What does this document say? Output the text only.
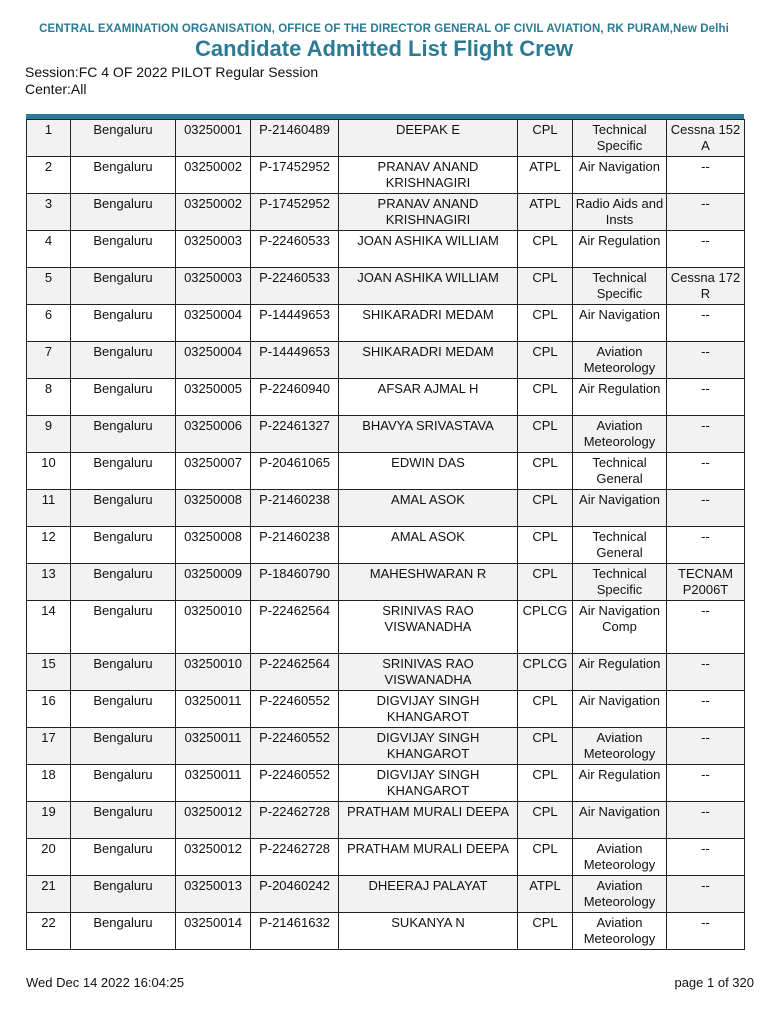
CENTRAL EXAMINATION ORGANISATION, OFFICE OF THE DIRECTOR GENERAL OF CIVIL AVIATION, RK PURAM,New Delhi
Candidate Admitted List Flight Crew
Session:FC 4 OF 2022 PILOT Regular Session
Center:All
1	Bengaluru	03250001	P-21460489	DEEPAK E	CPL	Technical Specific	Cessna 152 A
2	Bengaluru	03250002	P-17452952	PRANAV ANAND KRISHNAGIRI	ATPL	Air Navigation	--
3	Bengaluru	03250002	P-17452952	PRANAV ANAND KRISHNAGIRI	ATPL	Radio Aids and Insts	--
4	Bengaluru	03250003	P-22460533	JOAN ASHIKA WILLIAM	CPL	Air Regulation	--
5	Bengaluru	03250003	P-22460533	JOAN ASHIKA WILLIAM	CPL	Technical Specific	Cessna 172 R
6	Bengaluru	03250004	P-14449653	SHIKARADRI MEDAM	CPL	Air Navigation	--
7	Bengaluru	03250004	P-14449653	SHIKARADRI MEDAM	CPL	Aviation Meteorology	--
8	Bengaluru	03250005	P-22460940	AFSAR AJMAL H	CPL	Air Regulation	--
9	Bengaluru	03250006	P-22461327	BHAVYA SRIVASTAVA	CPL	Aviation Meteorology	--
10	Bengaluru	03250007	P-20461065	EDWIN DAS	CPL	Technical General	--
11	Bengaluru	03250008	P-21460238	AMAL ASOK	CPL	Air Navigation	--
12	Bengaluru	03250008	P-21460238	AMAL ASOK	CPL	Technical General	--
13	Bengaluru	03250009	P-18460790	MAHESHWARAN R	CPL	Technical Specific	TECNAM P2006T
14	Bengaluru	03250010	P-22462564	SRINIVAS RAO VISWANADHA	CPLCG	Air Navigation Comp	--
15	Bengaluru	03250010	P-22462564	SRINIVAS RAO VISWANADHA	CPLCG	Air Regulation	--
16	Bengaluru	03250011	P-22460552	DIGVIJAY SINGH KHANGAROT	CPL	Air Navigation	--
17	Bengaluru	03250011	P-22460552	DIGVIJAY SINGH KHANGAROT	CPL	Aviation Meteorology	--
18	Bengaluru	03250011	P-22460552	DIGVIJAY SINGH KHANGAROT	CPL	Air Regulation	--
19	Bengaluru	03250012	P-22462728	PRATHAM MURALI DEEPA	CPL	Air Navigation	--
20	Bengaluru	03250012	P-22462728	PRATHAM MURALI DEEPA	CPL	Aviation Meteorology	--
21	Bengaluru	03250013	P-20460242	DHEERAJ PALAYAT	ATPL	Aviation Meteorology	--
22	Bengaluru	03250014	P-21461632	SUKANYA N	CPL	Aviation Meteorology	--
Wed Dec 14 2022 16:04:25	page 1 of 320
